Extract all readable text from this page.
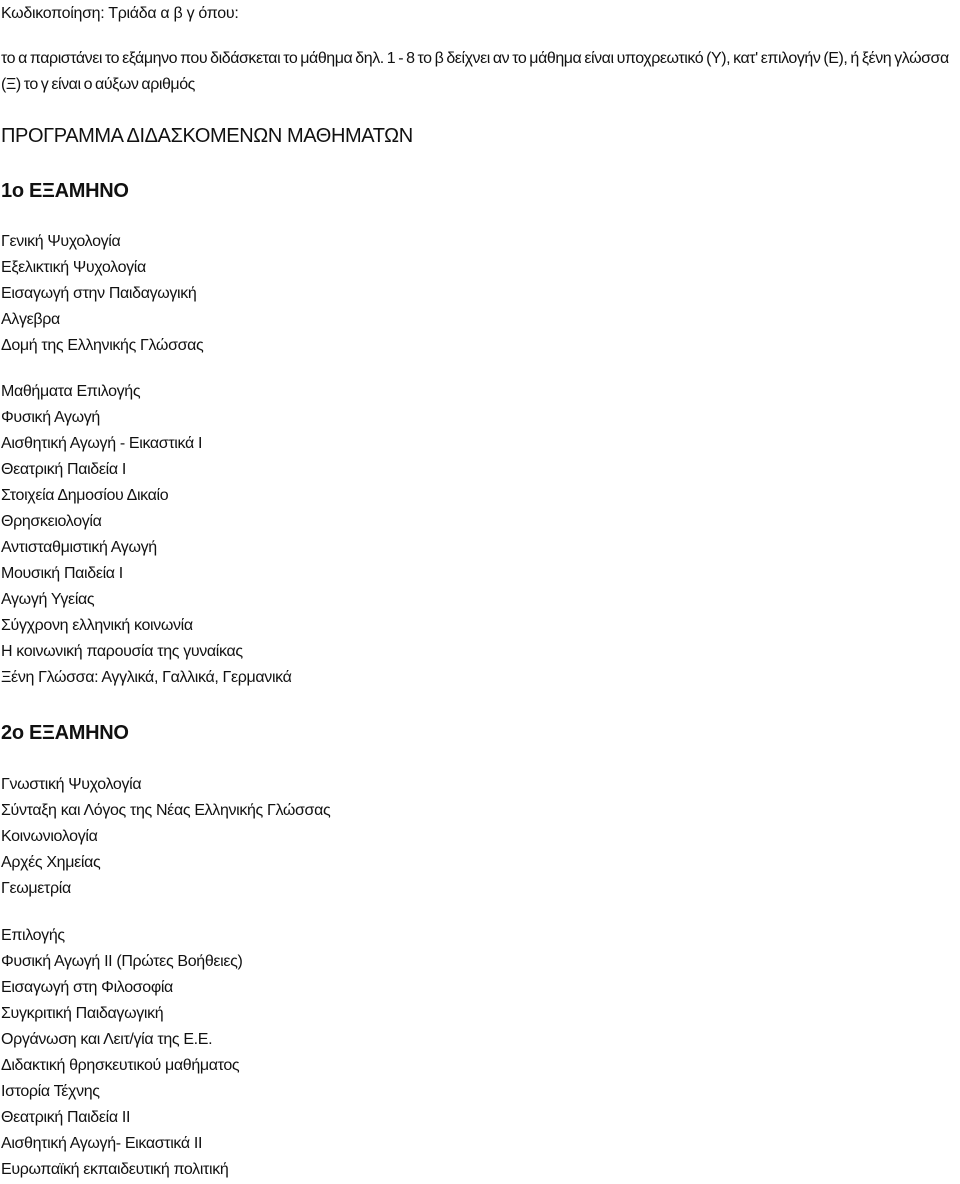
Κωδικοποίηση: Τριάδα α β γ όπου:
το α παριστάνει το εξάμηνο που διδάσκεται το μάθημα δηλ. 1 - 8 το β δείχνει αν το μάθημα είναι υποχρεωτικό (Υ), κατ' επιλογήν (Ε), ή ξένη γλώσσα (Ξ) το γ είναι ο αύξων αριθμός
ΠΡΟΓΡΑΜΜΑ ΔΙΔΑΣΚΟΜΕΝΩΝ ΜΑΘΗΜΑΤΩΝ
1ο ΕΞΑΜΗΝΟ
Γενική Ψυχολογία
Εξελικτική Ψυχολογία
Εισαγωγή στην Παιδαγωγική
Αλγεβρα
Δομή της Ελληνικής Γλώσσας
Μαθήματα Επιλογής
Φυσική Αγωγή
Αισθητική Αγωγή - Εικαστικά Ι
Θεατρική Παιδεία Ι
Στοιχεία Δημοσίου Δικαίο
Θρησκειολογία
Αντισταθμιστική Αγωγή
Μουσική Παιδεία Ι
Αγωγή Υγείας
Σύγχρονη ελληνική κοινωνία
Η κοινωνική παρουσία της γυναίκας
Ξένη Γλώσσα: Αγγλικά, Γαλλικά, Γερμανικά
2ο ΕΞΑΜΗΝΟ
Γνωστική Ψυχολογία
Σύνταξη και Λόγος της Νέας Ελληνικής Γλώσσας
Κοινωνιολογία
Αρχές Χημείας
Γεωμετρία
Επιλογής
Φυσική Αγωγή ΙΙ (Πρώτες Βοήθειες)
Εισαγωγή στη Φιλοσοφία
Συγκριτική Παιδαγωγική
Οργάνωση και Λειτ/γία της Ε.Ε.
Διδακτική θρησκευτικού μαθήματος
Ιστορία Τέχνης
Θεατρική Παιδεία ΙΙ
Αισθητική Αγωγή- Εικαστικά ΙΙ
Ευρωπαϊκή εκπαιδευτική πολιτική
